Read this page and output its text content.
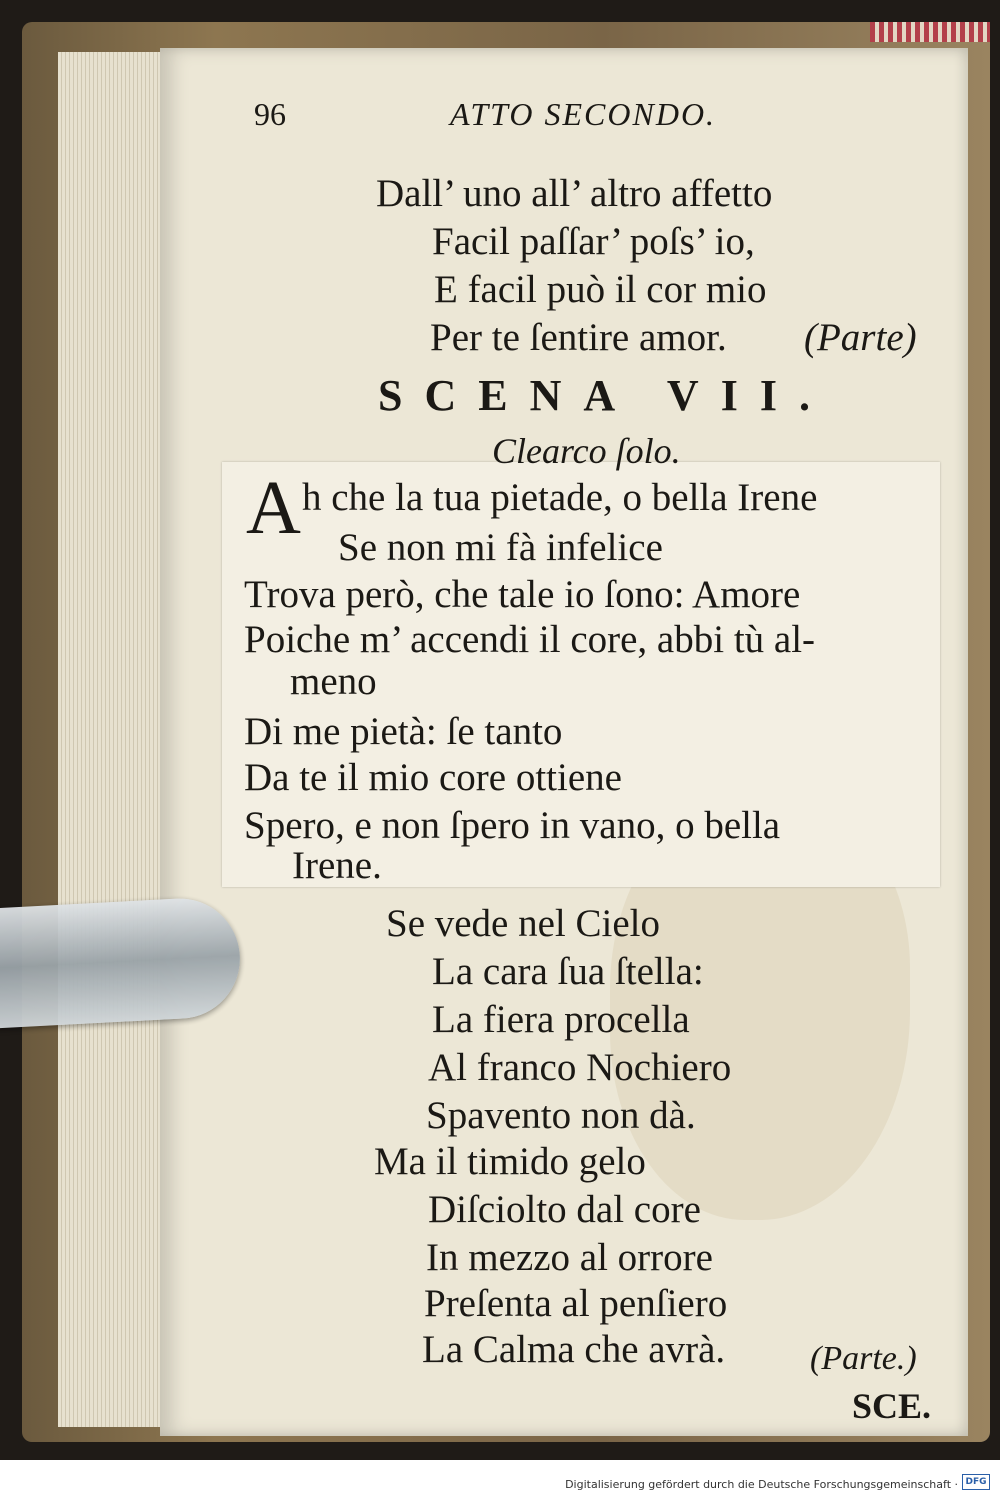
96	ATTO SECONDO.
Dall’ uno all’ altro affetto
Facil paſſar’ poſs’ io,
E facil può il cor mio
Per te ſentire amor. (Parte)
SCENA VII.
Clearco ſolo.
A h che la tua pietade, o bella Irene
Se non mi fà infelice
Trova però, che tale io ſono: Amore
Poiche m’ accendi il core, abbi tù al-
meno
Di me pietà: ſe tanto
Da te il mio core ottiene
Spero, e non ſpero in vano, o bella
Irene.
Se vede nel Cielo
La cara ſua ſtella:
La fiera procella
Al franco Nochiero
Spavento non dà.
Ma il timido gelo
Diſciolto dal core
In mezzo al orrore
Preſenta al penſiero
La Calma che avrà. (Parte.)
SCE.
Digitalisierung gefördert durch die Deutsche Forschungsgemeinschaft · DFG
